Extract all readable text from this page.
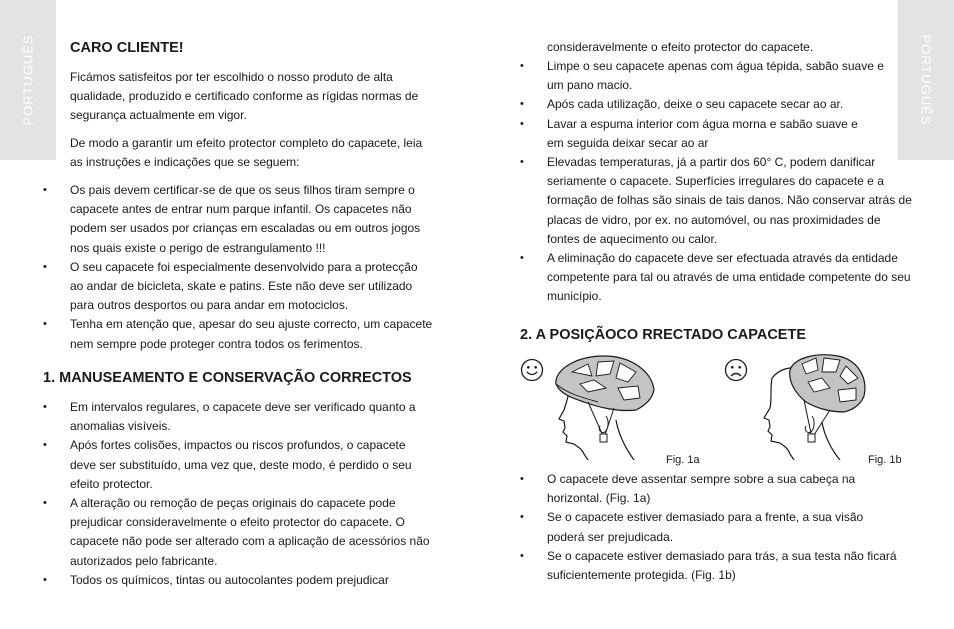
PORTUGUÊS	PORTUGUÊS
CARO CLIENTE!

Ficámos satisfeitos por ter escolhido o nosso produto de alta qualidade, produzido e certificado conforme as rígidas normas de segurança actualmente em vigor.

De modo a garantir um efeito protector completo do capacete, leia as instruções e indicações que se seguem:

• Os pais devem certificar-se de que os seus filhos tiram sempre o capacete antes de entrar num parque infantil. Os capacetes não podem ser usados por crianças em escaladas ou em outros jogos nos quais existe o perigo de estrangulamento !!!
• O seu capacete foi especialmente desenvolvido para a protecção ao andar de bicicleta, skate e patins. Este não deve ser utilizado para outros desportos ou para andar em motociclos.
• Tenha em atenção que, apesar do seu ajuste correcto, um capacete nem sempre pode proteger contra todos os ferimentos.
1. MANUSEAMENTO E CONSERVAÇÃO CORRECTOS
• Em intervalos regulares, o capacete deve ser verificado quanto a anomalias visíveis.
• Após fortes colisões, impactos ou riscos profundos, o capacete deve ser substituído, uma vez que, deste modo, é perdido o seu efeito protector.
• A alteração ou remoção de peças originais do capacete pode prejudicar consideravelmente o efeito protector do capacete. O capacete não pode ser alterado com a aplicação de acessórios não autorizados pelo fabricante.
• Todos os químicos, tintas ou autocolantes podem prejudicar

consideravelmente o efeito protector do capacete.

• Limpe o seu capacete apenas com água tépida, sabão suave e um pano macio.
• Após cada utilização, deixe o seu capacete secar ao ar.
• Lavar a espuma interior com água morna e sabão suave e em seguida deixar secar ao ar
• Elevadas temperaturas, já a partir dos 60° C, podem danificar seriamente o capacete. Superfícies irregulares do capacete e a formação de folhas são sinais de tais danos. Não conservar atrás de placas de vidro, por ex. no automóvel, ou nas proximidades de fontes de aquecimento ou calor.
• A eliminação do capacete deve ser efectuada através da entidade competente para tal ou através de uma entidade competente do seu município.
2. A POSIÇÃOCO RRECTADO CAPACETE
Fig. 1a	Fig. 1b
• O capacete deve assentar sempre sobre a sua cabeça na horizontal. (Fig. 1a)
• Se o capacete estiver demasiado para a frente, a sua visão poderá ser prejudicada.
• Se o capacete estiver demasiado para trás, a sua testa não ficará suficientemente protegida. (Fig. 1b)
